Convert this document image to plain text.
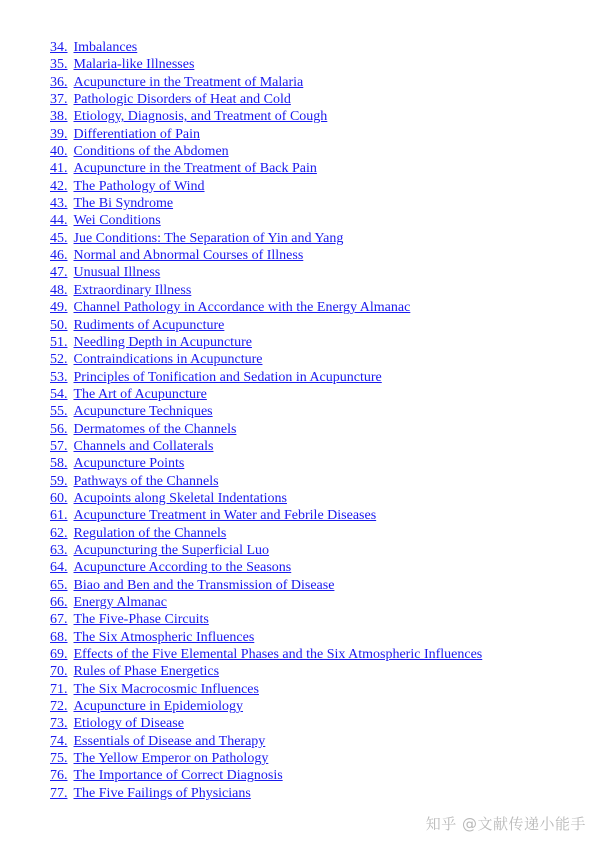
34. Imbalances
35. Malaria-like Illnesses
36. Acupuncture in the Treatment of Malaria
37. Pathologic Disorders of Heat and Cold
38. Etiology, Diagnosis, and Treatment of Cough
39. Differentiation of Pain
40. Conditions of the Abdomen
41. Acupuncture in the Treatment of Back Pain
42. The Pathology of Wind
43. The Bi Syndrome
44. Wei Conditions
45. Jue Conditions: The Separation of Yin and Yang
46. Normal and Abnormal Courses of Illness
47. Unusual Illness
48. Extraordinary Illness
49. Channel Pathology in Accordance with the Energy Almanac
50. Rudiments of Acupuncture
51. Needling Depth in Acupuncture
52. Contraindications in Acupuncture
53. Principles of Tonification and Sedation in Acupuncture
54. The Art of Acupuncture
55. Acupuncture Techniques
56. Dermatomes of the Channels
57. Channels and Collaterals
58. Acupuncture Points
59. Pathways of the Channels
60. Acupoints along Skeletal Indentations
61. Acupuncture Treatment in Water and Febrile Diseases
62. Regulation of the Channels
63. Acupuncturing the Superficial Luo
64. Acupuncture According to the Seasons
65. Biao and Ben and the Transmission of Disease
66. Energy Almanac
67. The Five-Phase Circuits
68. The Six Atmospheric Influences
69. Effects of the Five Elemental Phases and the Six Atmospheric Influences
70. Rules of Phase Energetics
71. The Six Macrocosmic Influences
72. Acupuncture in Epidemiology
73. Etiology of Disease
74. Essentials of Disease and Therapy
75. The Yellow Emperor on Pathology
76. The Importance of Correct Diagnosis
77. The Five Failings of Physicians
知乎 @文献传递小能手
